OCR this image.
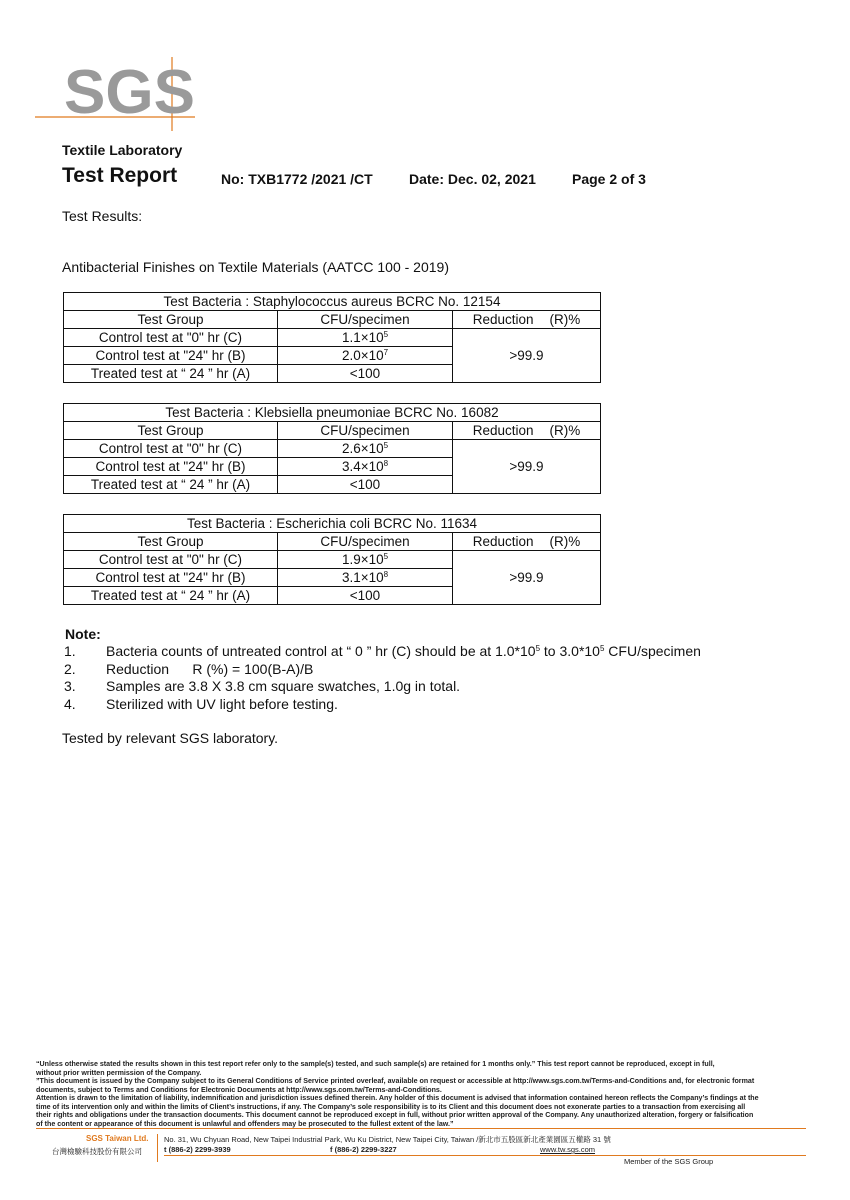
SGS
Textile Laboratory
Test Report	No: TXB1772 /2021 /CT	Date: Dec. 02, 2021	Page 2 of 3
Test Results:
Antibacterial Finishes on Textile Materials (AATCC 100 - 2019)
Test Bacteria : Staphylococcus aureus BCRC No. 12154		
Test Group	CFU/specimen	Reduction (R)%
Control test at "0" hr (C)	$1.1\times 10^5$	>99.9
Control test at "24" hr (B)	$2.0\times 10^7$
Treated test at “ 24 ” hr (A)	<100	
Test Bacteria : Klebsiella pneumoniae BCRC No. 16082		
Test Group	CFU/specimen	Reduction (R)%
Control test at "0" hr (C)	$2.6\times 10^5$	>99.9
Control test at "24" hr (B)	$3.4\times 10^8$
Treated test at “ 24 ” hr (A)	<100	
Test Bacteria : Escherichia coli BCRC No. 11634		
Test Group	CFU/specimen	Reduction (R)%
Control test at "0" hr (C)	$1.9\times 10^5$	>99.9
Control test at "24" hr (B)	$3.1\times 10^8$
Treated test at “ 24 ” hr (A)	<100	
Note:
1.	Bacteria counts of untreated control at “ 0 ” hr (C) should be at $1.0*10^5$ to $3.0*10^5$ CFU/specimen
2.	Reduction      R (%) = 100(B-A)/B
3.	Samples are 3.8 X 3.8 cm square swatches, 1.0g in total.
4.	Sterilized with UV light before testing.
Tested by relevant SGS laboratory.
“Unless otherwise stated the results shown in this test report refer only to the sample(s) tested, and such sample(s) are retained for 1 months only.” This test report cannot be reproduced, except in full,
without prior written permission of the Company.
”This document is issued by the Company subject to its General Conditions of Service printed overleaf, available on request or accessible at http://www.sgs.com.tw/Terms-and-Conditions and, for electronic format
documents, subject to Terms and Conditions for Electronic Documents at http://www.sgs.com.tw/Terms-and-Conditions.
Attention is drawn to the limitation of liability, indemnification and jurisdiction issues defined therein. Any holder of this document is advised that information contained hereon reflects the Company’s findings at the
time of its intervention only and within the limits of Client’s instructions, if any. The Company’s sole responsibility is to its Client and this document does not exonerate parties to a transaction from exercising all
their rights and obligations under the transaction documents. This document cannot be reproduced except in full, without prior written approval of the Company. Any unauthorized alteration, forgery or falsification
of the content or appearance of this document is unlawful and offenders may be prosecuted to the fullest extent of the law.”
SGS Taiwan Ltd.
台灣檢驗科技股份有限公司
No. 31, Wu Chyuan Road, New Taipei Industrial Park, Wu Ku District, New Taipei City, Taiwan /新北市五股區新北產業園區五權路 31 號
t (886-2) 2299-3939	f (886-2) 2299-3227	www.tw.sgs.com
Member of the SGS Group
